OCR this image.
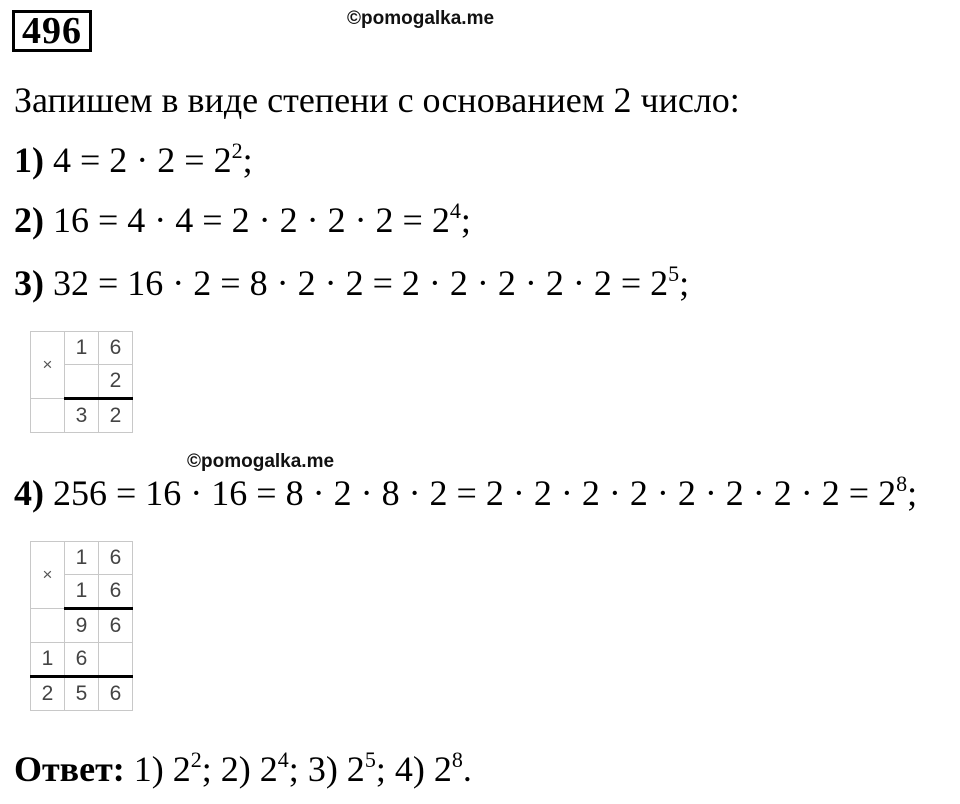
496	©pomogalka.me
Запишем в виде степени с основанием 2 число:
1) $4 = 2 \cdot 2 = 2^2$;
2) $16 = 4 \cdot 4 = 2 \cdot 2 \cdot 2 \cdot 2 = 2^4$;
3) $32 = 16 \cdot 2 = 8 \cdot 2 \cdot 2 = 2 \cdot 2 \cdot 2 \cdot 2 \cdot 2 = 2^5$;
×	1	6
		2
	3	2
©pomogalka.me
4) $256 = 16 \cdot 16 = 8 \cdot 2 \cdot 8 \cdot 2 = 2 \cdot 2 \cdot 2 \cdot 2 \cdot 2 \cdot 2 \cdot 2 \cdot 2 = 2^8$;
×	1	6
	1	6
	9	6
1	6	
2	5	6
Ответ: 1) $2^2$; 2) $2^4$; 3) $2^5$; 4) $2^8$.
